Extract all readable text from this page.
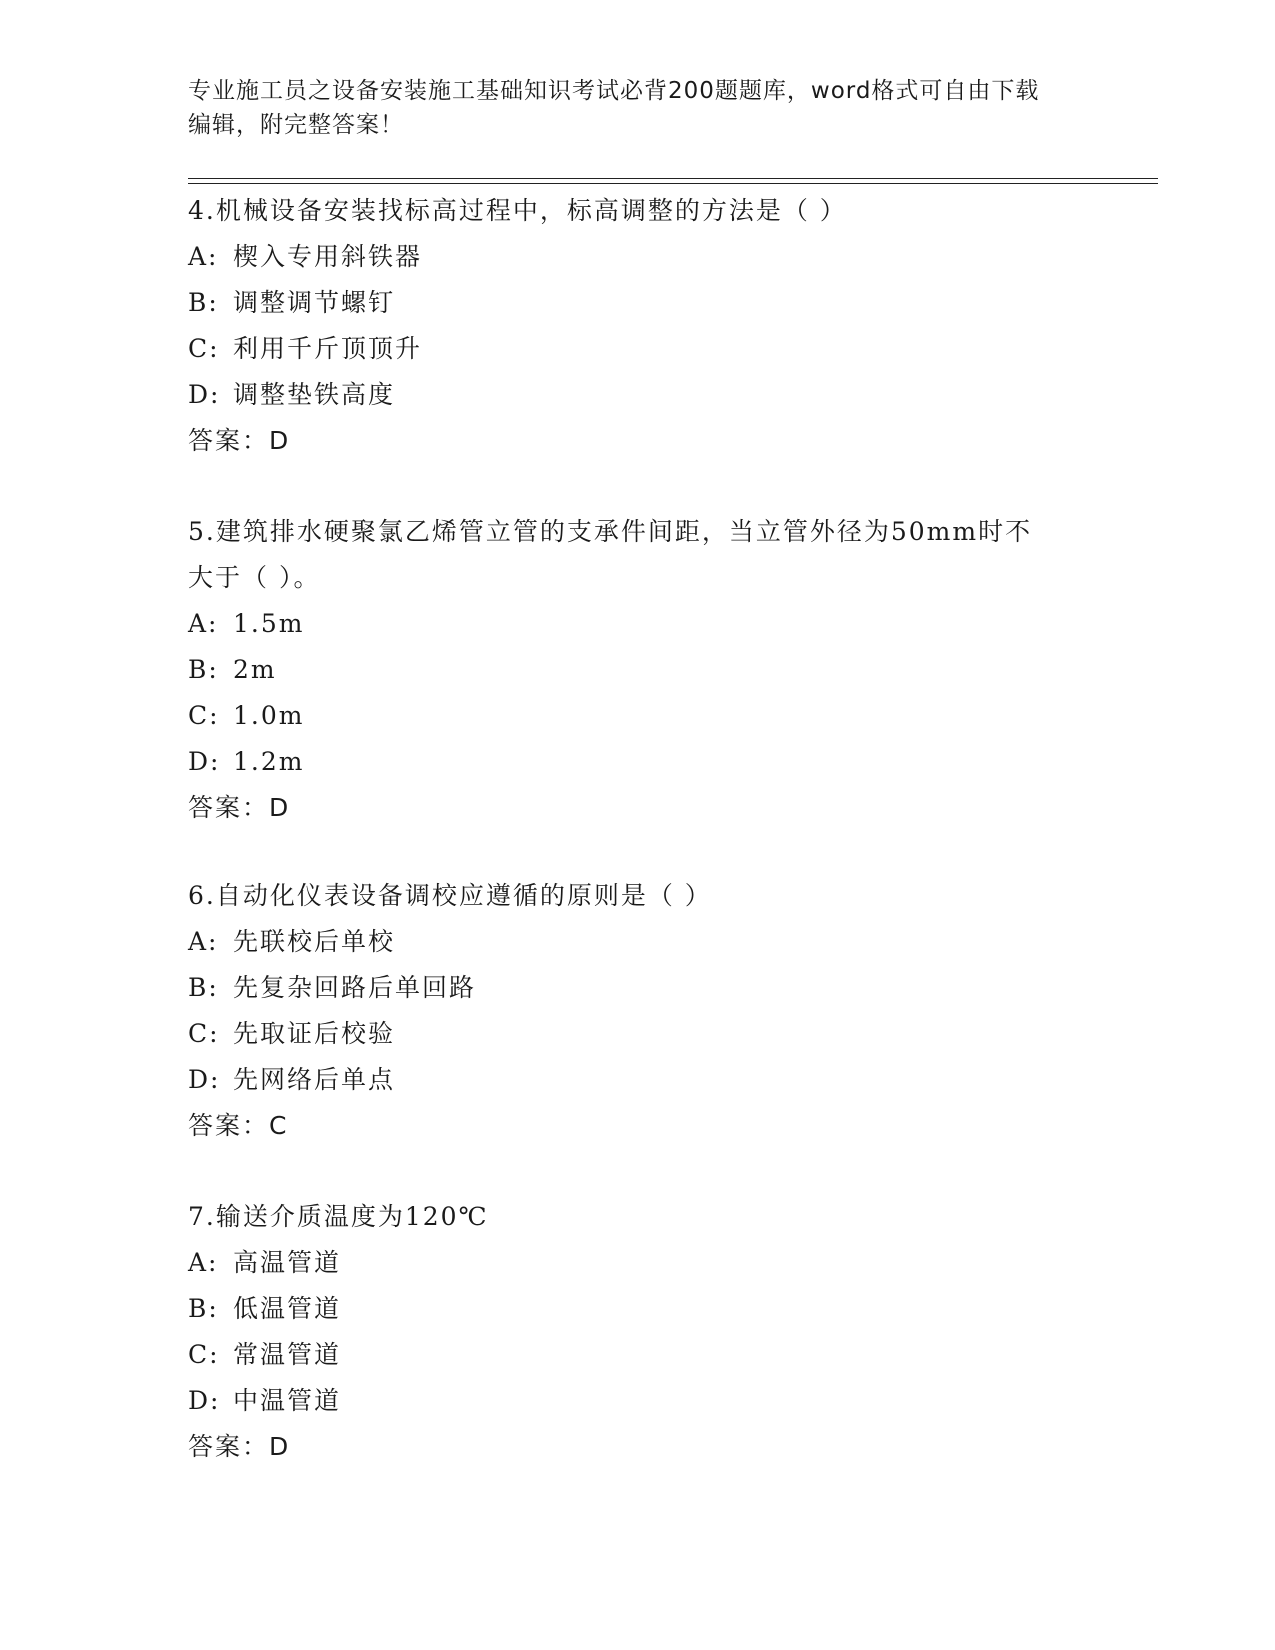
专业施工员之设备安装施工基础知识考试必背200题题库，word格式可自由下载
编辑，附完整答案！
4.机械设备安装找标高过程中，标高调整的方法是（ ）
A: 楔入专用斜铁器
B: 调整调节螺钉
C: 利用千斤顶顶升
D: 调整垫铁高度
答案：D
5.建筑排水硬聚氯乙烯管立管的支承件间距，当立管外径为50mm时不
大于（ ）。
A: 1.5m
B: 2m
C: 1.0m
D: 1.2m
答案：D
6.自动化仪表设备调校应遵循的原则是（ ）
A: 先联校后单校
B: 先复杂回路后单回路
C: 先取证后校验
D: 先网络后单点
答案：C
7.输送介质温度为120℃
A: 高温管道
B: 低温管道
C: 常温管道
D: 中温管道
答案：D
